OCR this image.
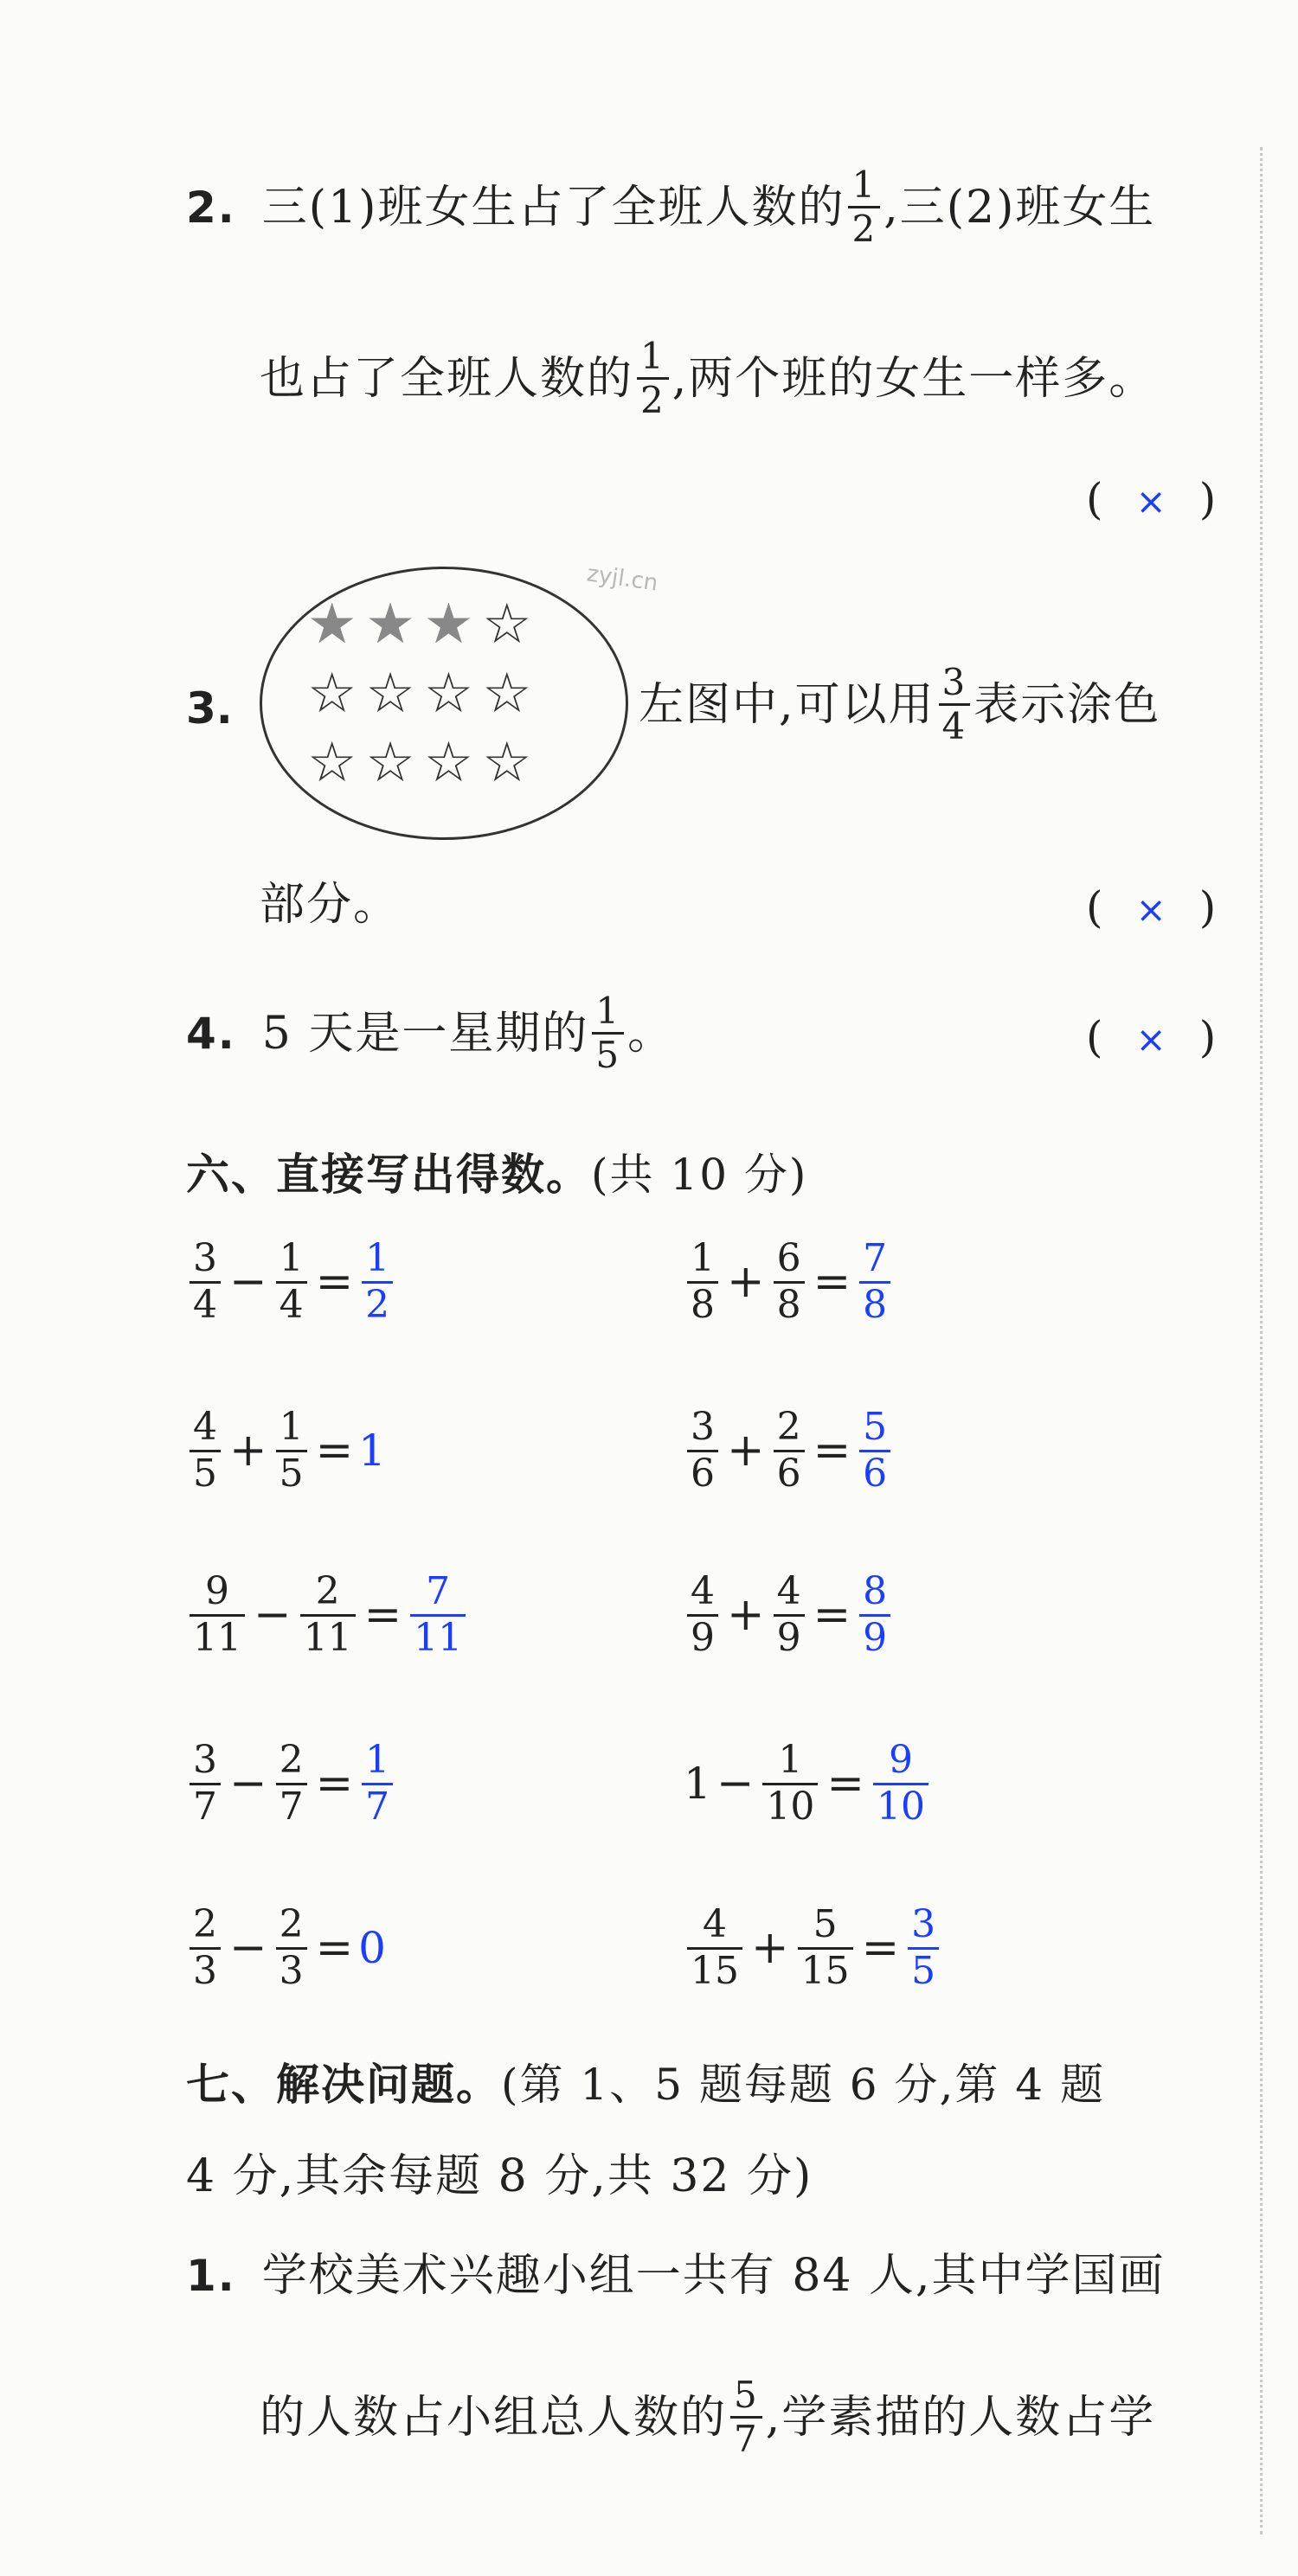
zyjl.cn
2. 三(1)班女生占了全班人数的 $\frac{1}{2}$ ,三(2)班女生
也占了全班人数的 $\frac{1}{2}$ ,两个班的女生一样多。
( × )
★★★☆
☆☆☆☆
☆☆☆☆
3.	左图中,可以用 $\frac{3}{4}$ 表示涂色
部分。	( × )
4. 5 天是一星期的 $\frac{1}{5}$ 。	( × )
六、直接写出得数。(共 10 分)
$\frac{3}{4} - \frac{1}{4} = \frac{1}{2}$	$\frac{1}{8} + \frac{6}{8} = \frac{7}{8}$
$\frac{4}{5} + \frac{1}{5} = 1$	$\frac{3}{6} + \frac{2}{6} = \frac{5}{6}$
$\frac{9}{11} - \frac{2}{11} = \frac{7}{11}$	$\frac{4}{9} + \frac{4}{9} = \frac{8}{9}$
$\frac{3}{7} - \frac{2}{7} = \frac{1}{7}$	$1 - \frac{1}{10} = \frac{9}{10}$
$\frac{2}{3} - \frac{2}{3} = 0$	$\frac{4}{15} + \frac{5}{15} = \frac{3}{5}$
七、解决问题。(第 1、5 题每题 6 分,第 4 题
4 分,其余每题 8 分,共 32 分)
1. 学校美术兴趣小组一共有 84 人,其中学国画
的人数占小组总人数的 $\frac{5}{7}$ ,学素描的人数占学
